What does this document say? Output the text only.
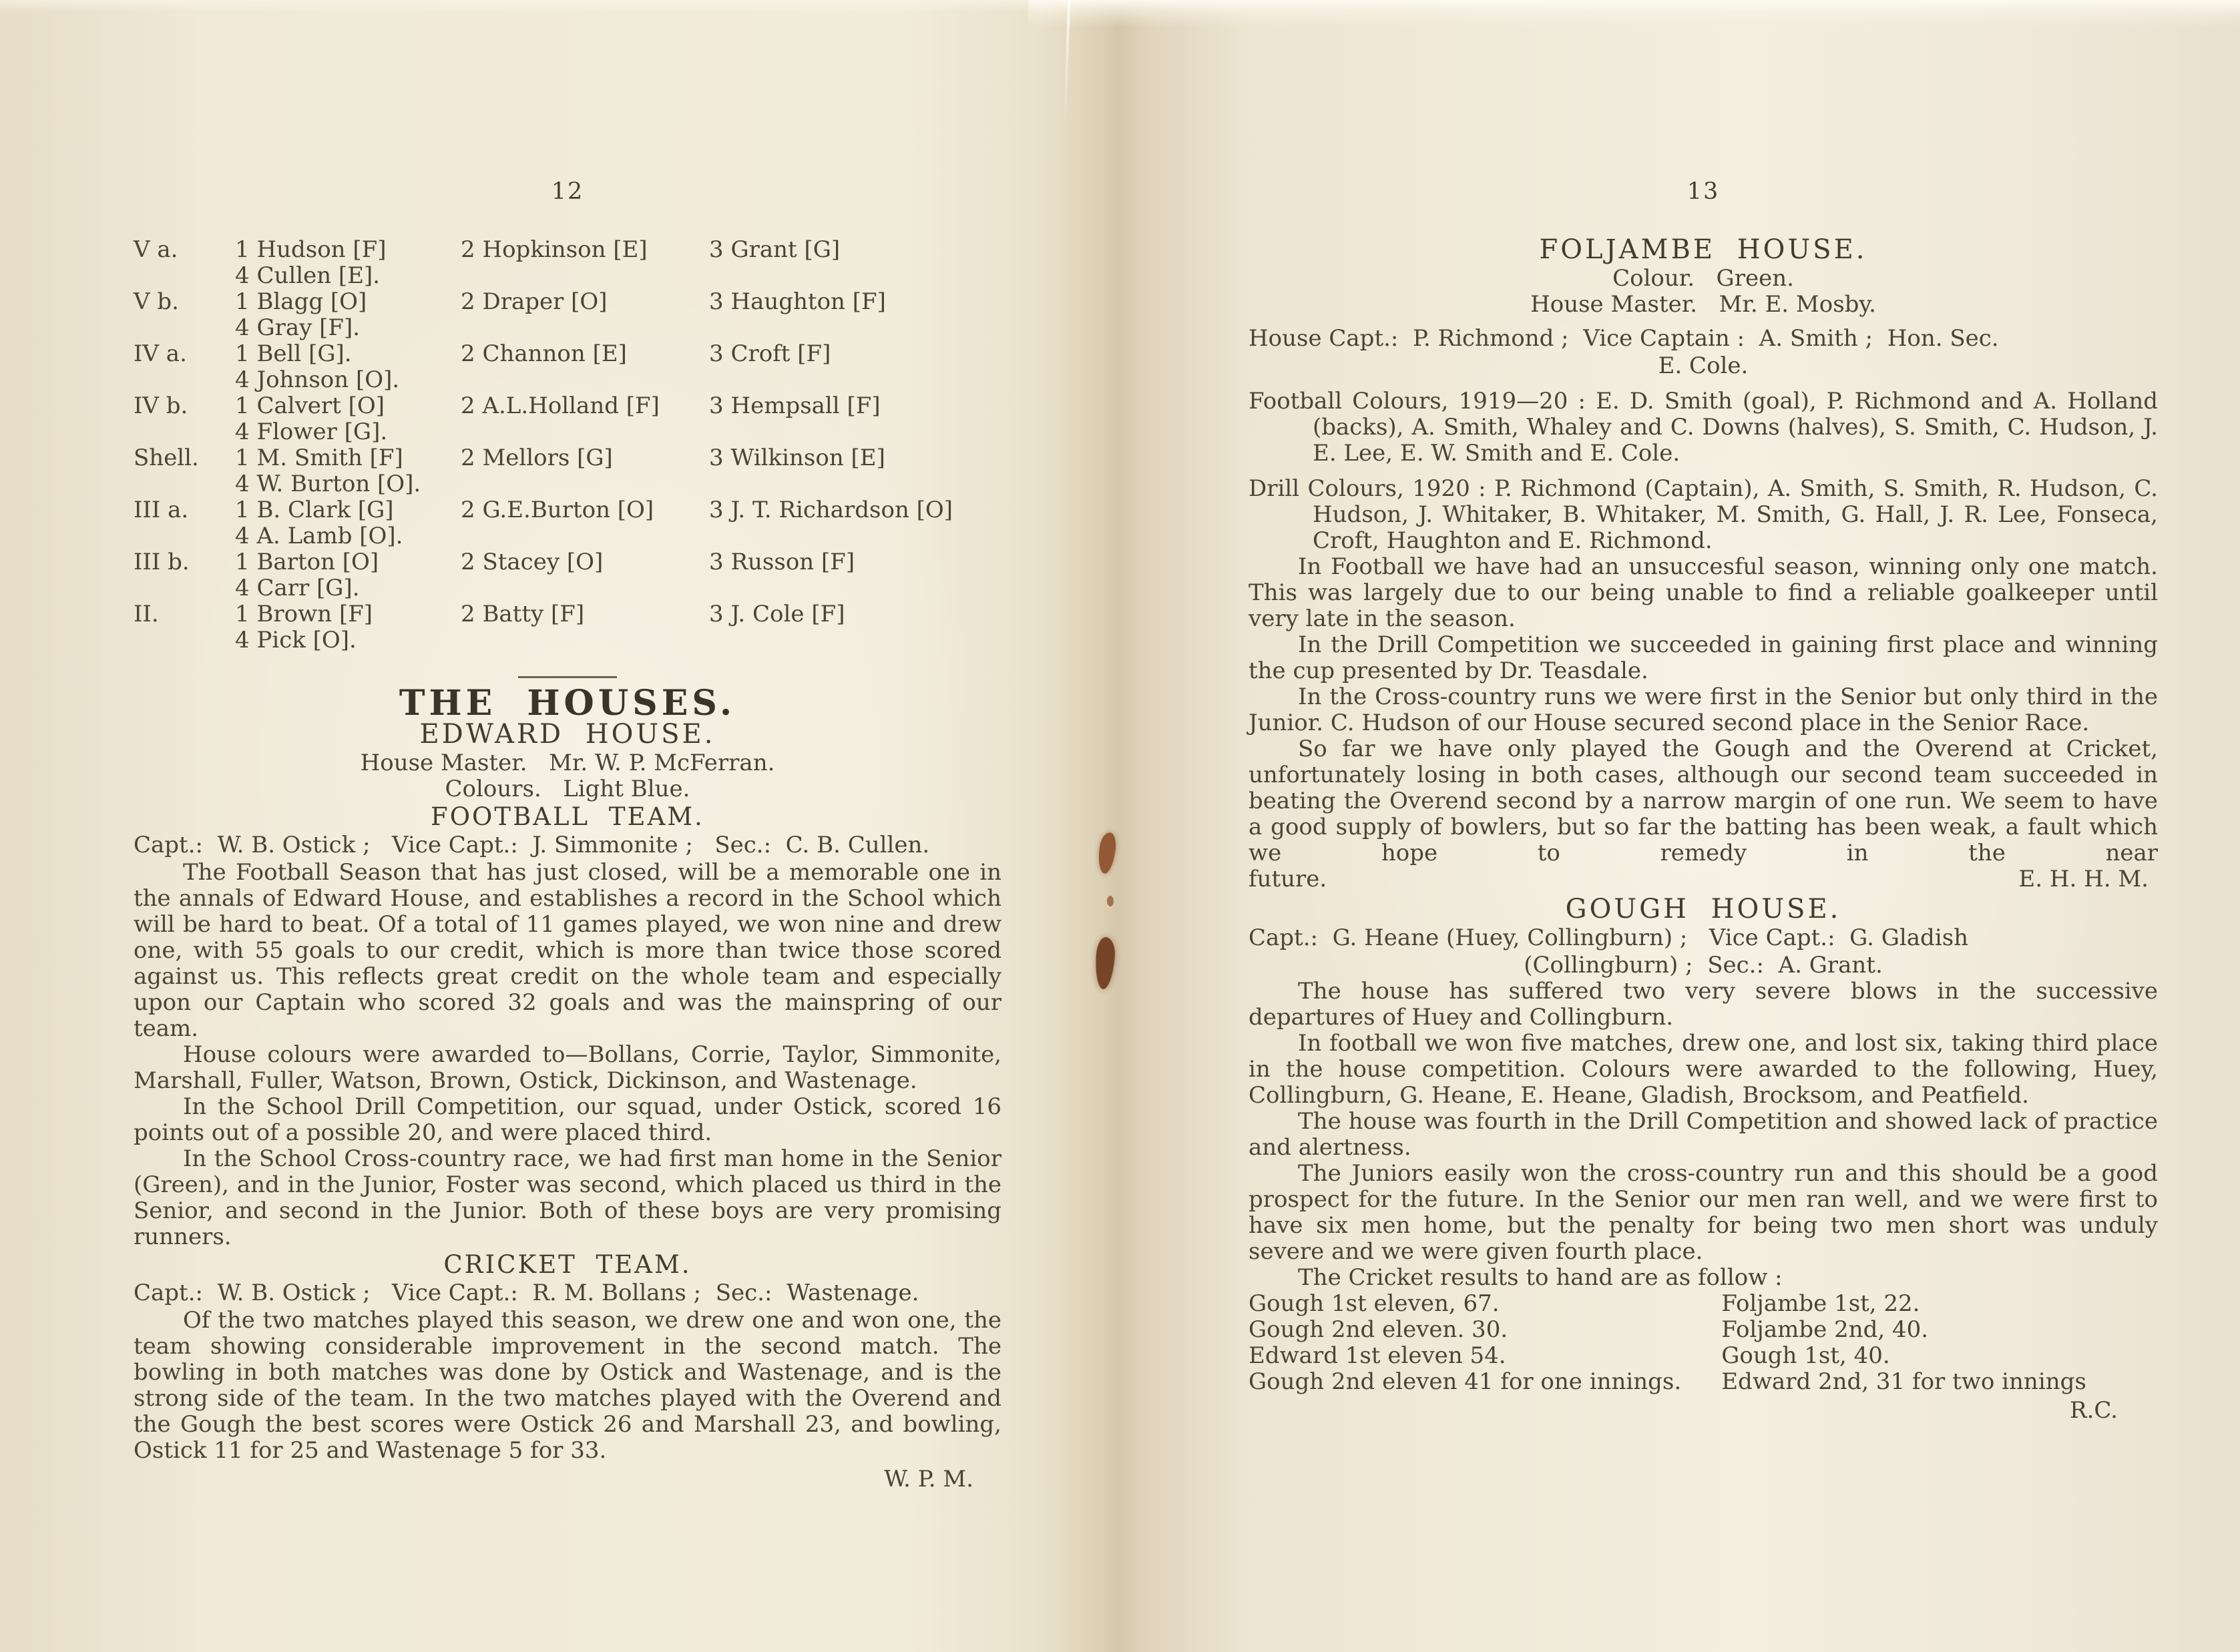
12
V a.	1 Hudson [F]	2 Hopkinson [E]	3 Grant [G]
4 Cullen [E].
V b.	1 Blagg [O]	2 Draper [O]	3 Haughton [F]
4 Gray [F].
IV a.	1 Bell [G].	2 Channon [E]	3 Croft [F]
4 Johnson [O].
IV b.	1 Calvert [O]	2 A.L.Holland [F]	3 Hempsall [F]
4 Flower [G].
Shell.	1 M. Smith [F]	2 Mellors [G]	3 Wilkinson [E]
4 W. Burton [O].
III a.	1 B. Clark [G]	2 G.E.Burton [O]	3 J. T. Richardson [O]
4 A. Lamb [O].
III b.	1 Barton [O]	2 Stacey [O]	3 Russon [F]
4 Carr [G].
II.	1 Brown [F]	2 Batty [F]	3 J. Cole [F]
4 Pick [O].
THE HOUSES.
EDWARD HOUSE.
House Master.   Mr. W. P. McFerran.
Colours.   Light Blue.
FOOTBALL TEAM.
Capt.:  W. B. Ostick ;   Vice Capt.:  J. Simmonite ;   Sec.:  C. B. Cullen.

The Football Season that has just closed, will be a memorable one in the annals of Edward House, and establishes a record in the School which will be hard to beat. Of a total of 11 games played, we won nine and drew one, with 55 goals to our credit, which is more than twice those scored against us. This reflects great credit on the whole team and especially upon our Captain who scored 32 goals and was the mainspring of our team.

House colours were awarded to—Bollans, Corrie, Taylor, Simmonite, Marshall, Fuller, Watson, Brown, Ostick, Dickinson, and Wastenage.

In the School Drill Competition, our squad, under Ostick, scored 16 points out of a possible 20, and were placed third.

In the School Cross-country race, we had first man home in the Senior (Green), and in the Junior, Foster was second, which placed us third in the Senior, and second in the Junior. Both of these boys are very promising runners.

CRICKET TEAM.
Capt.:  W. B. Ostick ;   Vice Capt.:  R. M. Bollans ;  Sec.:  Wastenage.

Of the two matches played this season, we drew one and won one, the team showing considerable improvement in the second match. The bowling in both matches was done by Ostick and Wastenage, and is the strong side of the team. In the two matches played with the Overend and the Gough the best scores were Ostick 26 and Marshall 23, and bowling, Ostick 11 for 25 and Wastenage 5 for 33.

W. P. M.
13
FOLJAMBE HOUSE.
Colour.   Green.
House Master.   Mr. E. Mosby.
House Capt.:  P. Richmond ;  Vice Captain :  A. Smith ;  Hon. Sec.
E. Cole.

Football Colours, 1919—20 : E. D. Smith (goal), P. Richmond and A. Holland (backs), A. Smith, Whaley and C. Downs (halves), S. Smith, C. Hudson, J. E. Lee, E. W. Smith and E. Cole.

Drill Colours, 1920 : P. Richmond (Captain), A. Smith, S. Smith, R. Hudson, C. Hudson, J. Whitaker, B. Whitaker, M. Smith, G. Hall, J. R. Lee, Fonseca, Croft, Haughton and E. Richmond.

In Football we have had an unsuccesful season, winning only one match. This was largely due to our being unable to find a reliable goalkeeper until very late in the season.

In the Drill Competition we succeeded in gaining first place and winning the cup presented by Dr. Teasdale.

In the Cross-country runs we were first in the Senior but only third in the Junior. C. Hudson of our House secured second place in the Senior Race.

So far we have only played the Gough and the Overend at Cricket, unfortunately losing in both cases, although our second team succeeded in beating the Overend second by a narrow margin of one run. We seem to have a good supply of bowlers, but so far the batting has been weak, a fault which we hope to remedy in the near

future.	E. H. H. M.
GOUGH HOUSE.
Capt.:  G. Heane (Huey, Collingburn) ;   Vice Capt.:  G. Gladish
(Collingburn) ;  Sec.:  A. Grant.

The house has suffered two very severe blows in the successive departures of Huey and Collingburn.

In football we won five matches, drew one, and lost six, taking third place in the house competition. Colours were awarded to the following, Huey, Collingburn, G. Heane, E. Heane, Gladish, Brocksom, and Peatfield.

The house was fourth in the Drill Competition and showed lack of practice and alertness.

The Juniors easily won the cross-country run and this should be a good prospect for the future. In the Senior our men ran well, and we were first to have six men home, but the penalty for being two men short was unduly severe and we were given fourth place.

The Cricket results to hand are as follow :

Gough 1st eleven, 67.	Foljambe 1st, 22.
Gough 2nd eleven. 30.	Foljambe 2nd, 40.
Edward 1st eleven 54.	Gough 1st, 40.
Gough 2nd eleven 41 for one innings.	Edward 2nd, 31 for two innings
R.C.
